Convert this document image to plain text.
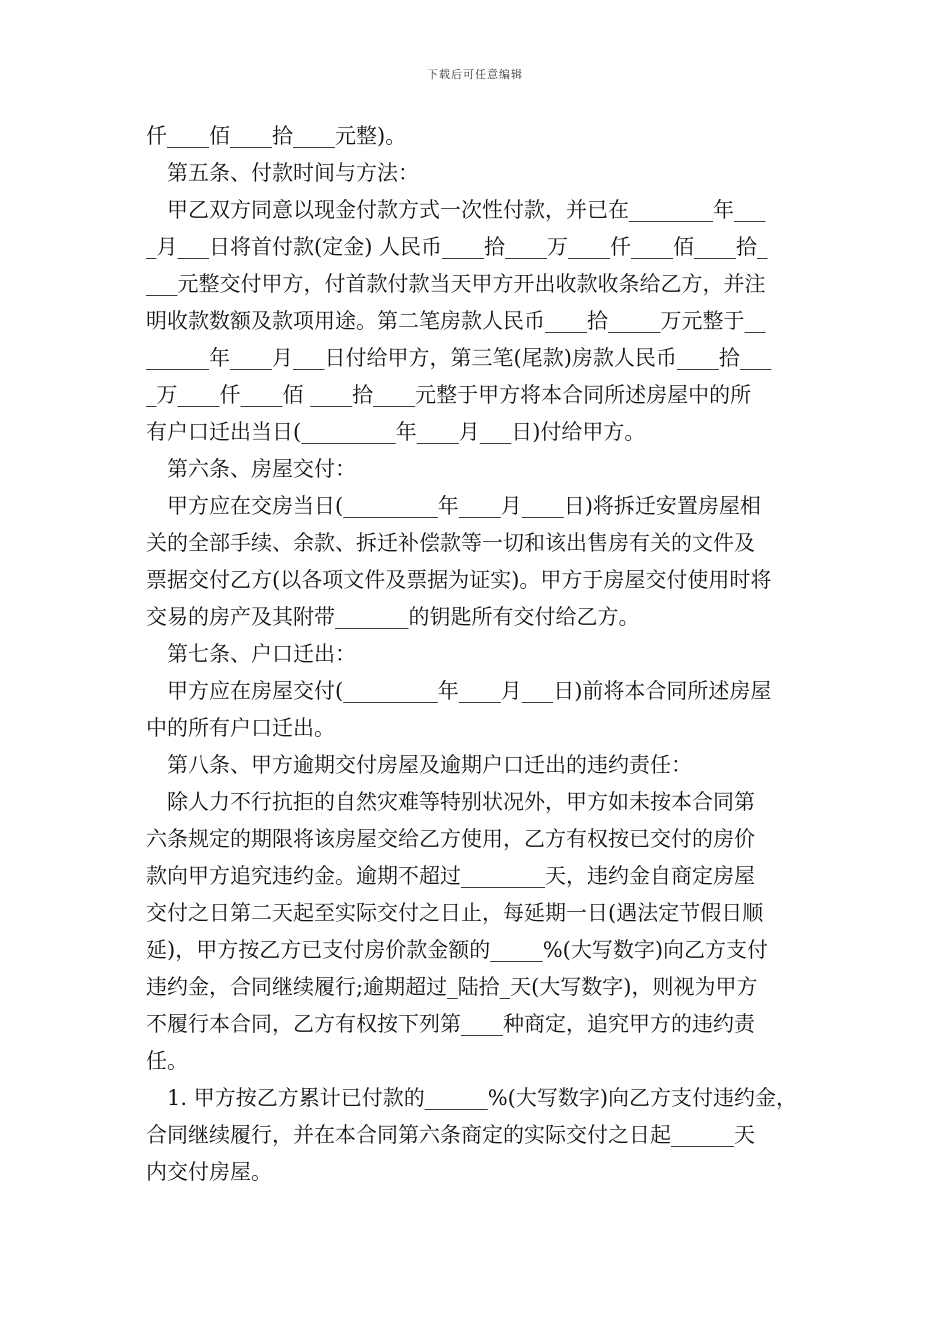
下载后可任意编辑
仟____佰____拾____元整)。
第五条、付款时间与方法：
甲乙双方同意以现金付款方式一次性付款，并已在________年___
_月___日将首付款(定金) 人民币____拾____万____仟____佰____拾_
___元整交付甲方，付首款付款当天甲方开出收款收条给乙方，并注
明收款数额及款项用途。第二笔房款人民币____拾_____万元整于__
______年____月___日付给甲方，第三笔(尾款)房款人民币____拾___
_万____仟____佰 ____拾____元整于甲方将本合同所述房屋中的所
有户口迁出当日(_________年____月___日)付给甲方。
第六条、房屋交付：
甲方应在交房当日(_________年____月____日)将拆迁安置房屋相
关的全部手续、余款、拆迁补偿款等一切和该出售房有关的文件及
票据交付乙方(以各项文件及票据为证实)。甲方于房屋交付使用时将
交易的房产及其附带_______的钥匙所有交付给乙方。
第七条、户口迁出：
甲方应在房屋交付(_________年____月___日)前将本合同所述房屋
中的所有户口迁出。
第八条、甲方逾期交付房屋及逾期户口迁出的违约责任：
除人力不行抗拒的自然灾难等特别状况外，甲方如未按本合同第
六条规定的期限将该房屋交给乙方使用，乙方有权按已交付的房价
款向甲方追究违约金。逾期不超过________天，违约金自商定房屋
交付之日第二天起至实际交付之日止，每延期一日(遇法定节假日顺
延)，甲方按乙方已支付房价款金额的_____%(大写数字)向乙方支付
违约金，合同继续履行;逾期超过_陆拾_天(大写数字)，则视为甲方
不履行本合同，乙方有权按下列第____种商定，追究甲方的违约责
任。
1. 甲方按乙方累计已付款的______%(大写数字)向乙方支付违约金，
合同继续履行，并在本合同第六条商定的实际交付之日起______天
内交付房屋。
